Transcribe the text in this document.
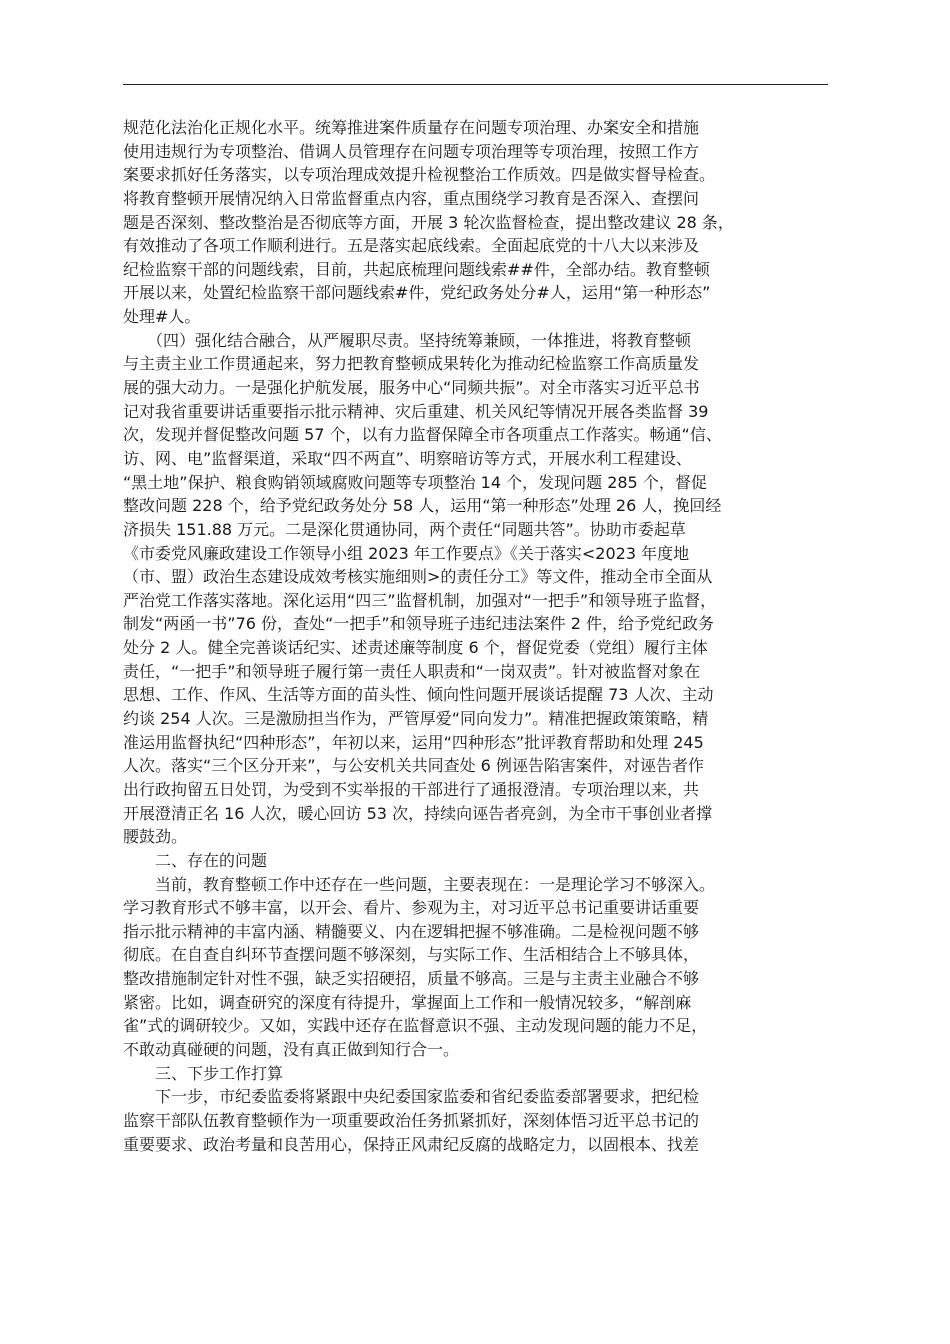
规范化法治化正规化水平。统筹推进案件质量存在问题专项治理、办案安全和措施
使用违规行为专项整治、借调人员管理存在问题专项治理等专项治理，按照工作方
案要求抓好任务落实，以专项治理成效提升检视整治工作质效。四是做实督导检查。
将教育整顿开展情况纳入日常监督重点内容，重点围绕学习教育是否深入、查摆问
题是否深刻、整改整治是否彻底等方面，开展 3 轮次监督检查，提出整改建议 28 条，
有效推动了各项工作顺利进行。五是落实起底线索。全面起底党的十八大以来涉及
纪检监察干部的问题线索，目前，共起底梳理问题线索##件，全部办结。教育整顿
开展以来，处置纪检监察干部问题线索#件，党纪政务处分#人，运用“第一种形态”
处理#人。
　　（四）强化结合融合，从严履职尽责。坚持统筹兼顾，一体推进，将教育整顿
与主责主业工作贯通起来，努力把教育整顿成果转化为推动纪检监察工作高质量发
展的强大动力。一是强化护航发展，服务中心“同频共振”。对全市落实习近平总书
记对我省重要讲话重要指示批示精神、灾后重建、机关风纪等情况开展各类监督 39
次，发现并督促整改问题 57 个，以有力监督保障全市各项重点工作落实。畅通“信、
访、网、电”监督渠道，采取“四不两直”、明察暗访等方式，开展水利工程建设、
“黑土地”保护、粮食购销领域腐败问题等专项整治 14 个，发现问题 285 个，督促
整改问题 228 个，给予党纪政务处分 58 人，运用“第一种形态”处理 26 人，挽回经
济损失 151.88 万元。二是深化贯通协同，两个责任“同题共答”。协助市委起草
《市委党风廉政建设工作领导小组 2023 年工作要点》《关于落实<2023 年度地
（市、盟）政治生态建设成效考核实施细则>的责任分工》等文件，推动全市全面从
严治党工作落实落地。深化运用“四三”监督机制，加强对“一把手”和领导班子监督，
制发“两函一书”76 份，查处“一把手”和领导班子违纪违法案件 2 件，给予党纪政务
处分 2 人。健全完善谈话纪实、述责述廉等制度 6 个，督促党委（党组）履行主体
责任，“一把手”和领导班子履行第一责任人职责和“一岗双责”。针对被监督对象在
思想、工作、作风、生活等方面的苗头性、倾向性问题开展谈话提醒 73 人次、主动
约谈 254 人次。三是激励担当作为，严管厚爱“同向发力”。精准把握政策策略，精
准运用监督执纪“四种形态”，年初以来，运用“四种形态”批评教育帮助和处理 245
人次。落实“三个区分开来”，与公安机关共同查处 6 例诬告陷害案件，对诬告者作
出行政拘留五日处罚，为受到不实举报的干部进行了通报澄清。专项治理以来，共
开展澄清正名 16 人次，暖心回访 53 次，持续向诬告者亮剑，为全市干事创业者撑
腰鼓劲。
　　二、存在的问题
　　当前，教育整顿工作中还存在一些问题，主要表现在：一是理论学习不够深入。
学习教育形式不够丰富，以开会、看片、参观为主，对习近平总书记重要讲话重要
指示批示精神的丰富内涵、精髓要义、内在逻辑把握不够准确。二是检视问题不够
彻底。在自查自纠环节查摆问题不够深刻，与实际工作、生活相结合上不够具体，
整改措施制定针对性不强，缺乏实招硬招，质量不够高。三是与主责主业融合不够
紧密。比如，调查研究的深度有待提升，掌握面上工作和一般情况较多，“解剖麻
雀”式的调研较少。又如，实践中还存在监督意识不强、主动发现问题的能力不足，
不敢动真碰硬的问题，没有真正做到知行合一。
　　三、下步工作打算
　　下一步，市纪委监委将紧跟中央纪委国家监委和省纪委监委部署要求，把纪检
监察干部队伍教育整顿作为一项重要政治任务抓紧抓好，深刻体悟习近平总书记的
重要要求、政治考量和良苦用心，保持正风肃纪反腐的战略定力，以固根本、找差
